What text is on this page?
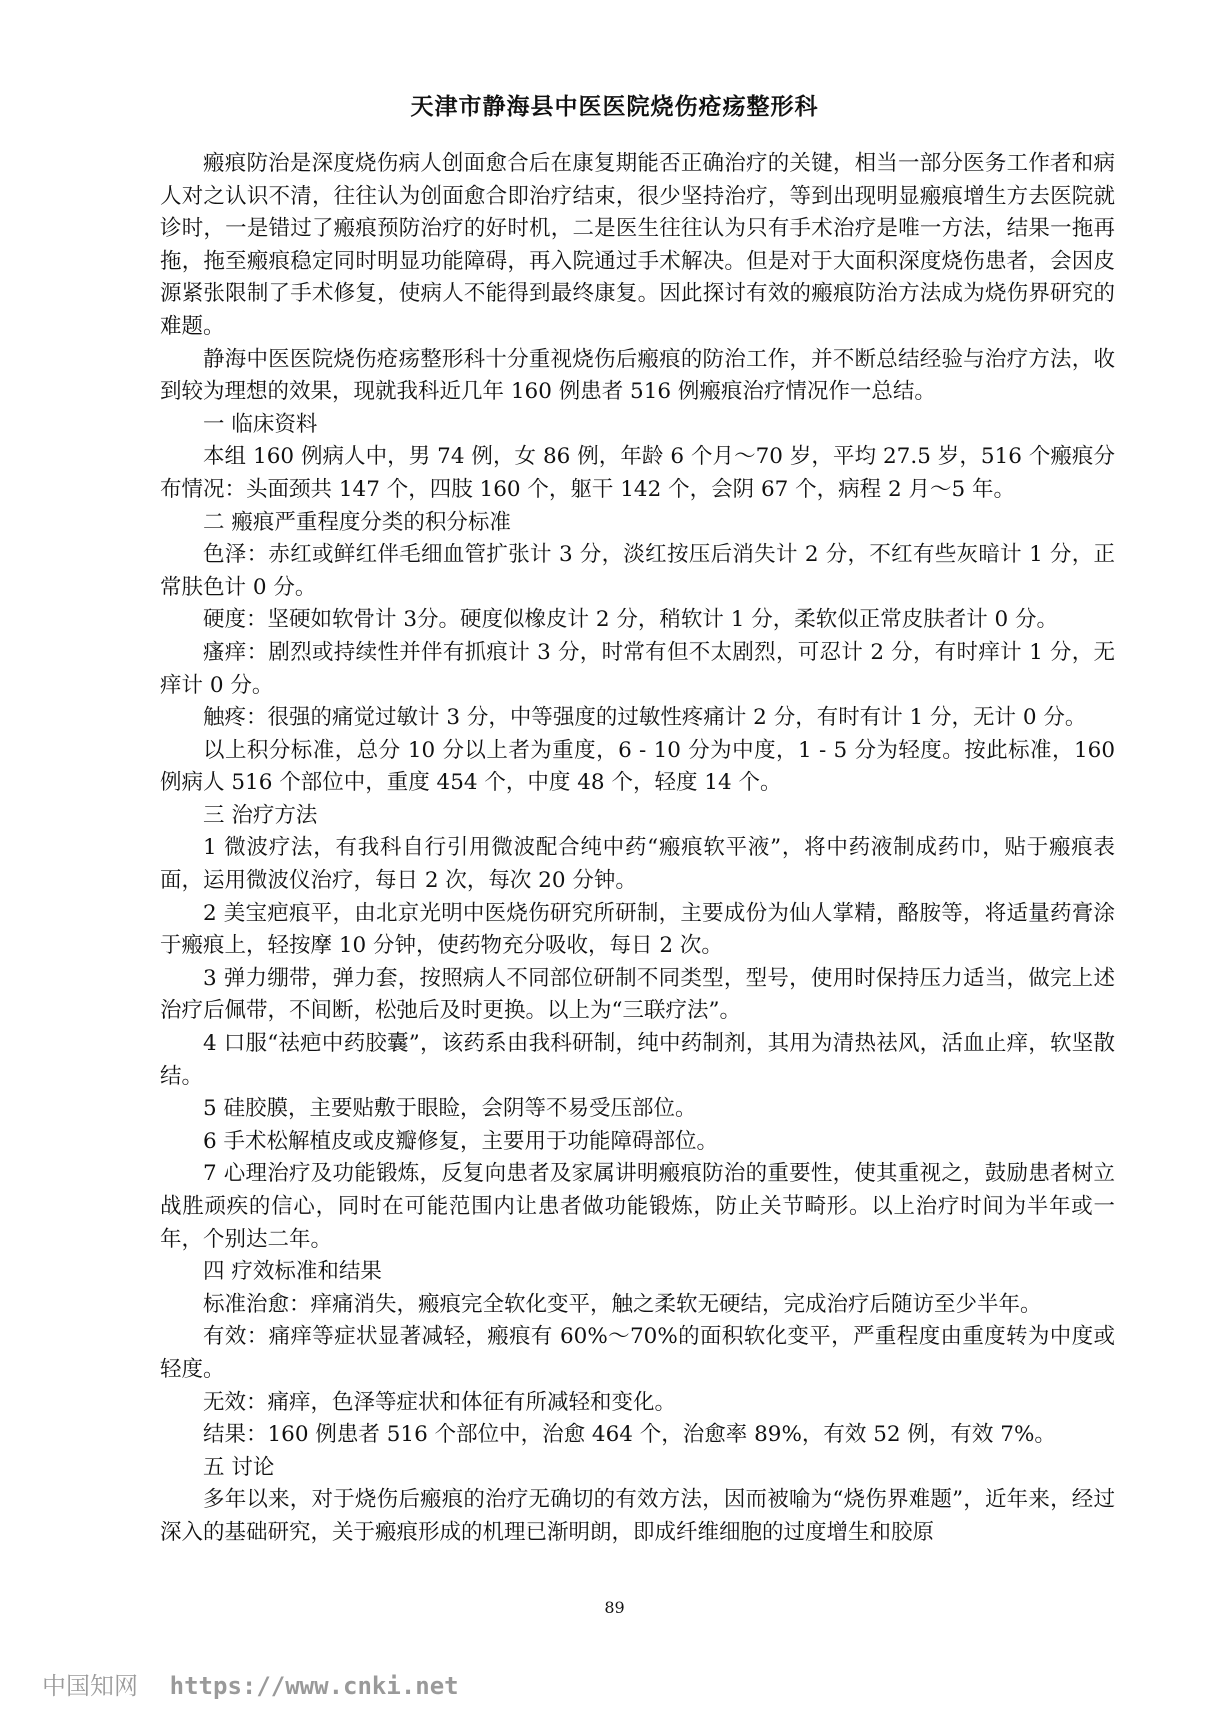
天津市静海县中医医院烧伤疮疡整形科

瘢痕防治是深度烧伤病人创面愈合后在康复期能否正确治疗的关键，相当一部分医务工作者和病人对之认识不清，往往认为创面愈合即治疗结束，很少坚持治疗，等到出现明显瘢痕增生方去医院就诊时，一是错过了瘢痕预防治疗的好时机，二是医生往往认为只有手术治疗是唯一方法，结果一拖再拖，拖至瘢痕稳定同时明显功能障碍，再入院通过手术解决。但是对于大面积深度烧伤患者，会因皮源紧张限制了手术修复，使病人不能得到最终康复。因此探讨有效的瘢痕防治方法成为烧伤界研究的难题。

静海中医医院烧伤疮疡整形科十分重视烧伤后瘢痕的防治工作，并不断总结经验与治疗方法，收到较为理想的效果，现就我科近几年 160 例患者 516 例瘢痕治疗情况作一总结。

一 临床资料

本组 160 例病人中，男 74 例，女 86 例，年龄 6 个月～70 岁，平均 27.5 岁，516 个瘢痕分布情况：头面颈共 147 个，四肢 160 个，躯干 142 个，会阴 67 个，病程 2 月～5 年。

二 瘢痕严重程度分类的积分标准

色泽：赤红或鲜红伴毛细血管扩张计 3 分，淡红按压后消失计 2 分，不红有些灰暗计 1 分，正常肤色计 0 分。

硬度：坚硬如软骨计 3分。硬度似橡皮计 2 分，稍软计 1 分，柔软似正常皮肤者计 0 分。

瘙痒：剧烈或持续性并伴有抓痕计 3 分，时常有但不太剧烈，可忍计 2 分，有时痒计 1 分，无痒计 0 分。

触疼：很强的痛觉过敏计 3 分，中等强度的过敏性疼痛计 2 分，有时有计 1 分，无计 0 分。

以上积分标准，总分 10 分以上者为重度，6 - 10 分为中度，1 - 5 分为轻度。按此标准，160 例病人 516 个部位中，重度 454 个，中度 48 个，轻度 14 个。

三 治疗方法

1 微波疗法，有我科自行引用微波配合纯中药“瘢痕软平液”，将中药液制成药巾，贴于瘢痕表面，运用微波仪治疗，每日 2 次，每次 20 分钟。

2 美宝疤痕平，由北京光明中医烧伤研究所研制，主要成份为仙人掌精，酪胺等，将适量药膏涂于瘢痕上，轻按摩 10 分钟，使药物充分吸收，每日 2 次。

3 弹力绷带，弹力套，按照病人不同部位研制不同类型，型号，使用时保持压力适当，做完上述治疗后佩带，不间断，松弛后及时更换。以上为“三联疗法”。

4 口服“祛疤中药胶囊”，该药系由我科研制，纯中药制剂，其用为清热祛风，活血止痒，软坚散结。

5 硅胶膜，主要贴敷于眼睑，会阴等不易受压部位。

6 手术松解植皮或皮瓣修复，主要用于功能障碍部位。

7 心理治疗及功能锻炼，反复向患者及家属讲明瘢痕防治的重要性，使其重视之，鼓励患者树立战胜顽疾的信心，同时在可能范围内让患者做功能锻炼，防止关节畸形。以上治疗时间为半年或一年，个别达二年。

四 疗效标准和结果

标准治愈：痒痛消失，瘢痕完全软化变平，触之柔软无硬结，完成治疗后随访至少半年。

有效：痛痒等症状显著减轻，瘢痕有 60%～70%的面积软化变平，严重程度由重度转为中度或轻度。

无效：痛痒，色泽等症状和体征有所减轻和变化。

结果：160 例患者 516 个部位中，治愈 464 个，治愈率 89%，有效 52 例，有效 7%。

五 讨论

多年以来，对于烧伤后瘢痕的治疗无确切的有效方法，因而被喻为“烧伤界难题”，近年来，经过深入的基础研究，关于瘢痕形成的机理已渐明朗，即成纤维细胞的过度增生和胶原

89
中国知网 https://www.cnki.net
